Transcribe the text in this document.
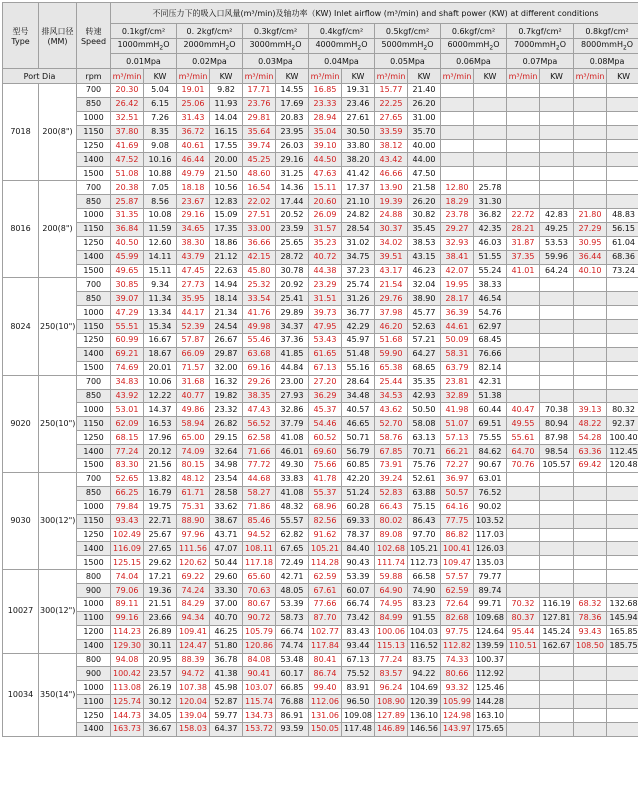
型号
Type	排风口径
(MM)	转速
Speed	不同压力下的吸入口风量(m³/min)及轴功率（KW) Inlet airflow (m³/min) and shaft power (KW) at different conditions															
			0.1kgf/cm²		0. 2kgf/cm²		0.3kgf/cm²		0.4kgf/cm²		0.5kgf/cm²		0.6kgf/cm²		0.7kgf/cm²		0.8kgf/cm²	
			1000mmH$_2$O		2000mmH$_2$O		3000mmH$_2$O		4000mmH$_2$O		5000mmH$_2$O		6000mmH$_2$O		7000mmH$_2$O		8000mmH$_2$O	
			0.01Mpa		0.02Mpa		0.03Mpa		0.04Mpa		0.05Mpa		0.06Mpa		0.07Mpa		0.08Mpa	
Port Dia		rpm	m³/min	KW	m³/min	KW	m³/min	KW	m³/min	KW	m³/min	KW	m³/min	KW	m³/min	KW	m³/min	KW
7018	200(8")	700	20.30	5.04	19.01	9.82	17.71	14.55	16.85	19.31	15.77	21.40						
		850	26.42	6.15	25.06	11.93	23.76	17.69	23.33	23.46	22.25	26.20						
		1000	32.51	7.26	31.43	14.04	29.81	20.83	28.94	27.61	27.65	31.00						
		1150	37.80	8.35	36.72	16.15	35.64	23.95	35.04	30.50	33.59	35.70						
		1250	41.69	9.08	40.61	17.55	39.74	26.03	39.10	33.80	38.12	40.00						
		1400	47.52	10.16	46.44	20.00	45.25	29.16	44.50	38.20	43.42	44.00						
		1500	51.08	10.88	49.79	21.50	48.60	31.25	47.63	41.42	46.66	47.50						
8016	200(8")	700	20.38	7.05	18.18	10.56	16.54	14.36	15.11	17.37	13.90	21.58	12.80	25.78				
		850	25.87	8.56	23.67	12.83	22.02	17.44	20.60	21.10	19.39	26.20	18.29	31.30				
		1000	31.35	10.08	29.16	15.09	27.51	20.52	26.09	24.82	24.88	30.82	23.78	36.82	22.72	42.83	21.80	48.83
		1150	36.84	11.59	34.65	17.35	33.00	23.59	31.57	28.54	30.37	35.45	29.27	42.35	28.21	49.25	27.29	56.15
		1250	40.50	12.60	38.30	18.86	36.66	25.65	35.23	31.02	34.02	38.53	32.93	46.03	31.87	53.53	30.95	61.04
		1400	45.99	14.11	43.79	21.12	42.15	28.72	40.72	34.75	39.51	43.15	38.41	51.55	37.35	59.96	36.44	68.36
		1500	49.65	15.11	47.45	22.63	45.80	30.78	44.38	37.23	43.17	46.23	42.07	55.24	41.01	64.24	40.10	73.24
8024	250(10")	700	30.85	9.34	27.73	14.94	25.32	20.92	23.29	25.74	21.54	32.04	19.95	38.33				
		850	39.07	11.34	35.95	18.14	33.54	25.41	31.51	31.26	29.76	38.90	28.17	46.54				
		1000	47.29	13.34	44.17	21.34	41.76	29.89	39.73	36.77	37.98	45.77	36.39	54.76				
		1150	55.51	15.34	52.39	24.54	49.98	34.37	47.95	42.29	46.20	52.63	44.61	62.97				
		1250	60.99	16.67	57.87	26.67	55.46	37.36	53.43	45.97	51.68	57.21	50.09	68.45				
		1400	69.21	18.67	66.09	29.87	63.68	41.85	61.65	51.48	59.90	64.27	58.31	76.66				
		1500	74.69	20.01	71.57	32.00	69.16	44.84	67.13	55.16	65.38	68.65	63.79	82.14				
9020	250(10")	700	34.83	10.06	31.68	16.32	29.26	23.00	27.20	28.64	25.44	35.35	23.81	42.31				
		850	43.92	12.22	40.77	19.82	38.35	27.93	36.29	34.48	34.53	42.93	32.89	51.38				
		1000	53.01	14.37	49.86	23.32	47.43	32.86	45.37	40.57	43.62	50.50	41.98	60.44	40.47	70.38	39.13	80.32
		1150	62.09	16.53	58.94	26.82	56.52	37.79	54.46	46.65	52.70	58.08	51.07	69.51	49.55	80.94	48.22	92.37
		1250	68.15	17.96	65.00	29.15	62.58	41.08	60.52	50.71	58.76	63.13	57.13	75.55	55.61	87.98	54.28	100.40
		1400	77.24	20.12	74.09	32.64	71.66	46.01	69.60	56.79	67.85	70.71	66.21	84.62	64.70	98.54	63.36	112.45
		1500	83.30	21.56	80.15	34.98	77.72	49.30	75.66	60.85	73.91	75.76	72.27	90.67	70.76	105.57	69.42	120.48
9030	300(12")	700	52.65	13.82	48.12	23.54	44.68	33.83	41.78	42.20	39.24	52.61	36.97	63.01				
		850	66.25	16.79	61.71	28.58	58.27	41.08	55.37	51.24	52.83	63.88	50.57	76.52				
		1000	79.84	19.75	75.31	33.62	71.86	48.32	68.96	60.28	66.43	75.15	64.16	90.02				
		1150	93.43	22.71	88.90	38.67	85.46	55.57	82.56	69.33	80.02	86.43	77.75	103.52				
		1250	102.49	25.67	97.96	43.71	94.52	62.82	91.62	78.37	89.08	97.70	86.82	117.03				
		1400	116.09	27.65	111.56	47.07	108.11	67.65	105.21	84.40	102.68	105.21	100.41	126.03				
		1500	125.15	29.62	120.62	50.44	117.18	72.49	114.28	90.43	111.74	112.73	109.47	135.03				
10027	300(12")	800	74.04	17.21	69.22	29.60	65.60	42.71	62.59	53.39	59.88	66.58	57.57	79.77				
		900	79.06	19.36	74.24	33.30	70.63	48.05	67.61	60.07	64.90	74.90	62.59	89.74				
		1000	89.11	21.51	84.29	37.00	80.67	53.39	77.66	66.74	74.95	83.23	72.64	99.71	70.32	116.19	68.32	132.68
		1100	99.16	23.66	94.34	40.70	90.72	58.73	87.70	73.42	84.99	91.55	82.68	109.68	80.37	127.81	78.36	145.94
		1200	114.23	26.89	109.41	46.25	105.79	66.74	102.77	83.43	100.06	104.03	97.75	124.64	95.44	145.24	93.43	165.85
		1400	129.30	30.11	124.47	51.80	120.86	74.74	117.84	93.44	115.13	116.52	112.82	139.59	110.51	162.67	108.50	185.75
10034	350(14")	800	94.08	20.95	88.39	36.78	84.08	53.48	80.41	67.13	77.24	83.75	74.33	100.37				
		900	100.42	23.57	94.72	41.38	90.41	60.17	86.74	75.52	83.57	94.22	80.66	112.92				
		1000	113.08	26.19	107.38	45.98	103.07	66.85	99.40	83.91	96.24	104.69	93.32	125.46				
		1100	125.74	30.12	120.04	52.87	115.74	76.88	112.06	96.50	108.90	120.39	105.99	144.28				
		1250	144.73	34.05	139.04	59.77	134.73	86.91	131.06	109.08	127.89	136.10	124.98	163.10				
		1400	163.73	36.67	158.03	64.37	153.72	93.59	150.05	117.48	146.89	146.56	143.97	175.65				
